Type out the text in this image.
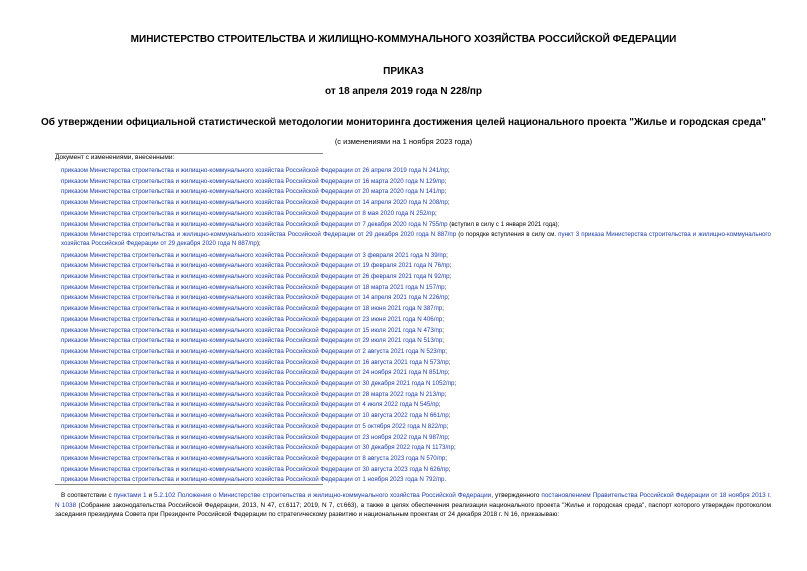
МИНИСТЕРСТВО СТРОИТЕЛЬСТВА И ЖИЛИЩНО-КОММУНАЛЬНОГО ХОЗЯЙСТВА РОССИЙСКОЙ ФЕДЕРАЦИИ
ПРИКАЗ
от 18 апреля 2019 года N 228/пр
Об утверждении официальной статистической методологии мониторинга достижения целей национального проекта "Жилье и городская среда"
(с изменениями на 1 ноября 2023 года)
Документ с изменениями, внесенными:
приказом Министерства строительства и жилищно-коммунального хозяйства Российской Федерации от 26 апреля 2019 года N 241/пр;
приказом Министерства строительства и жилищно-коммунального хозяйства Российской Федерации от 16 марта 2020 года N 129/пр;
приказом Министерства строительства и жилищно-коммунального хозяйства Российской Федерации от 20 марта 2020 года N 141/пр;
приказом Министерства строительства и жилищно-коммунального хозяйства Российской Федерации от 14 апреля 2020 года N 208/пр;
приказом Министерства строительства и жилищно-коммунального хозяйства Российской Федерации от 8 мая 2020 года N 252/пр;
приказом Министерства строительства и жилищно-коммунального хозяйства Российской Федерации от 7 декабря 2020 года N 755/пр (вступил в силу с 1 января 2021 года);
приказом Министерства строительства и жилищно-коммунального хозяйства Российской Федерации от 29 декабря 2020 года N 887/пр (о порядке вступления в силу см. пункт 3 приказа Министерства строительства и жилищно-коммунального хозяйства Российской Федерации от 29 декабря 2020 года N 887/пр);
приказом Министерства строительства и жилищно-коммунального хозяйства Российской Федерации от 3 февраля 2021 года N 39/пр;
приказом Министерства строительства и жилищно-коммунального хозяйства Российской Федерации от 19 февраля 2021 года N 76/пр;
приказом Министерства строительства и жилищно-коммунального хозяйства Российской Федерации от 26 февраля 2021 года N 92/пр;
приказом Министерства строительства и жилищно-коммунального хозяйства Российской Федерации от 18 марта 2021 года N 157/пр;
приказом Министерства строительства и жилищно-коммунального хозяйства Российской Федерации от 14 апреля 2021 года N 226/пр;
приказом Министерства строительства и жилищно-коммунального хозяйства Российской Федерации от 18 июня 2021 года N 387/пр;
приказом Министерства строительства и жилищно-коммунального хозяйства Российской Федерации от 23 июня 2021 года N 406/пр;
приказом Министерства строительства и жилищно-коммунального хозяйства Российской Федерации от 15 июля 2021 года N 473/пр;
приказом Министерства строительства и жилищно-коммунального хозяйства Российской Федерации от 29 июля 2021 года N 513/пр;
приказом Министерства строительства и жилищно-коммунального хозяйства Российской Федерации от 2 августа 2021 года N 523/пр;
приказом Министерства строительства и жилищно-коммунального хозяйства Российской Федерации от 16 августа 2021 года N 573/пр;
приказом Министерства строительства и жилищно-коммунального хозяйства Российской Федерации от 24 ноября 2021 года N 851/пр;
приказом Министерства строительства и жилищно-коммунального хозяйства Российской Федерации от 30 декабря 2021 года N 1052/пр;
приказом Министерства строительства и жилищно-коммунального хозяйства Российской Федерации от 28 марта 2022 года N 213/пр;
приказом Министерства строительства и жилищно-коммунального хозяйства Российской Федерации от 4 июля 2022 года N 545/пр;
приказом Министерства строительства и жилищно-коммунального хозяйства Российской Федерации от 10 августа 2022 года N 661/пр;
приказом Министерства строительства и жилищно-коммунального хозяйства Российской Федерации от 5 октября 2022 года N 822/пр;
приказом Министерства строительства и жилищно-коммунального хозяйства Российской Федерации от 23 ноября 2022 года N 987/пр;
приказом Министерства строительства и жилищно-коммунального хозяйства Российской Федерации от 30 декабря 2022 года N 1173/пр;
приказом Министерства строительства и жилищно-коммунального хозяйства Российской Федерации от 8 августа 2023 года N 570/пр;
приказом Министерства строительства и жилищно-коммунального хозяйства Российской Федерации от 30 августа 2023 года N 626/пр;
приказом Министерства строительства и жилищно-коммунального хозяйства Российской Федерации от 1 ноября 2023 года N 792/пр.
В соответствии с пунктами 1 и 5.2.102 Положения о Министерстве строительства и жилищно-коммунального хозяйства Российской Федерации, утвержденного постановлением Правительства Российской Федерации от 18 ноября 2013 г. N 1038 (Собрание законодательства Российской Федерации, 2013, N 47, ст.6117; 2019, N 7, ст.663), а также в целях обеспечения реализации национального проекта "Жилье и городская среда", паспорт которого утвержден протоколом заседания президиума Совета при Президенте Российской Федерации по стратегическому развитию и национальным проектам от 24 декабря 2018 г. N 16, приказываю:
